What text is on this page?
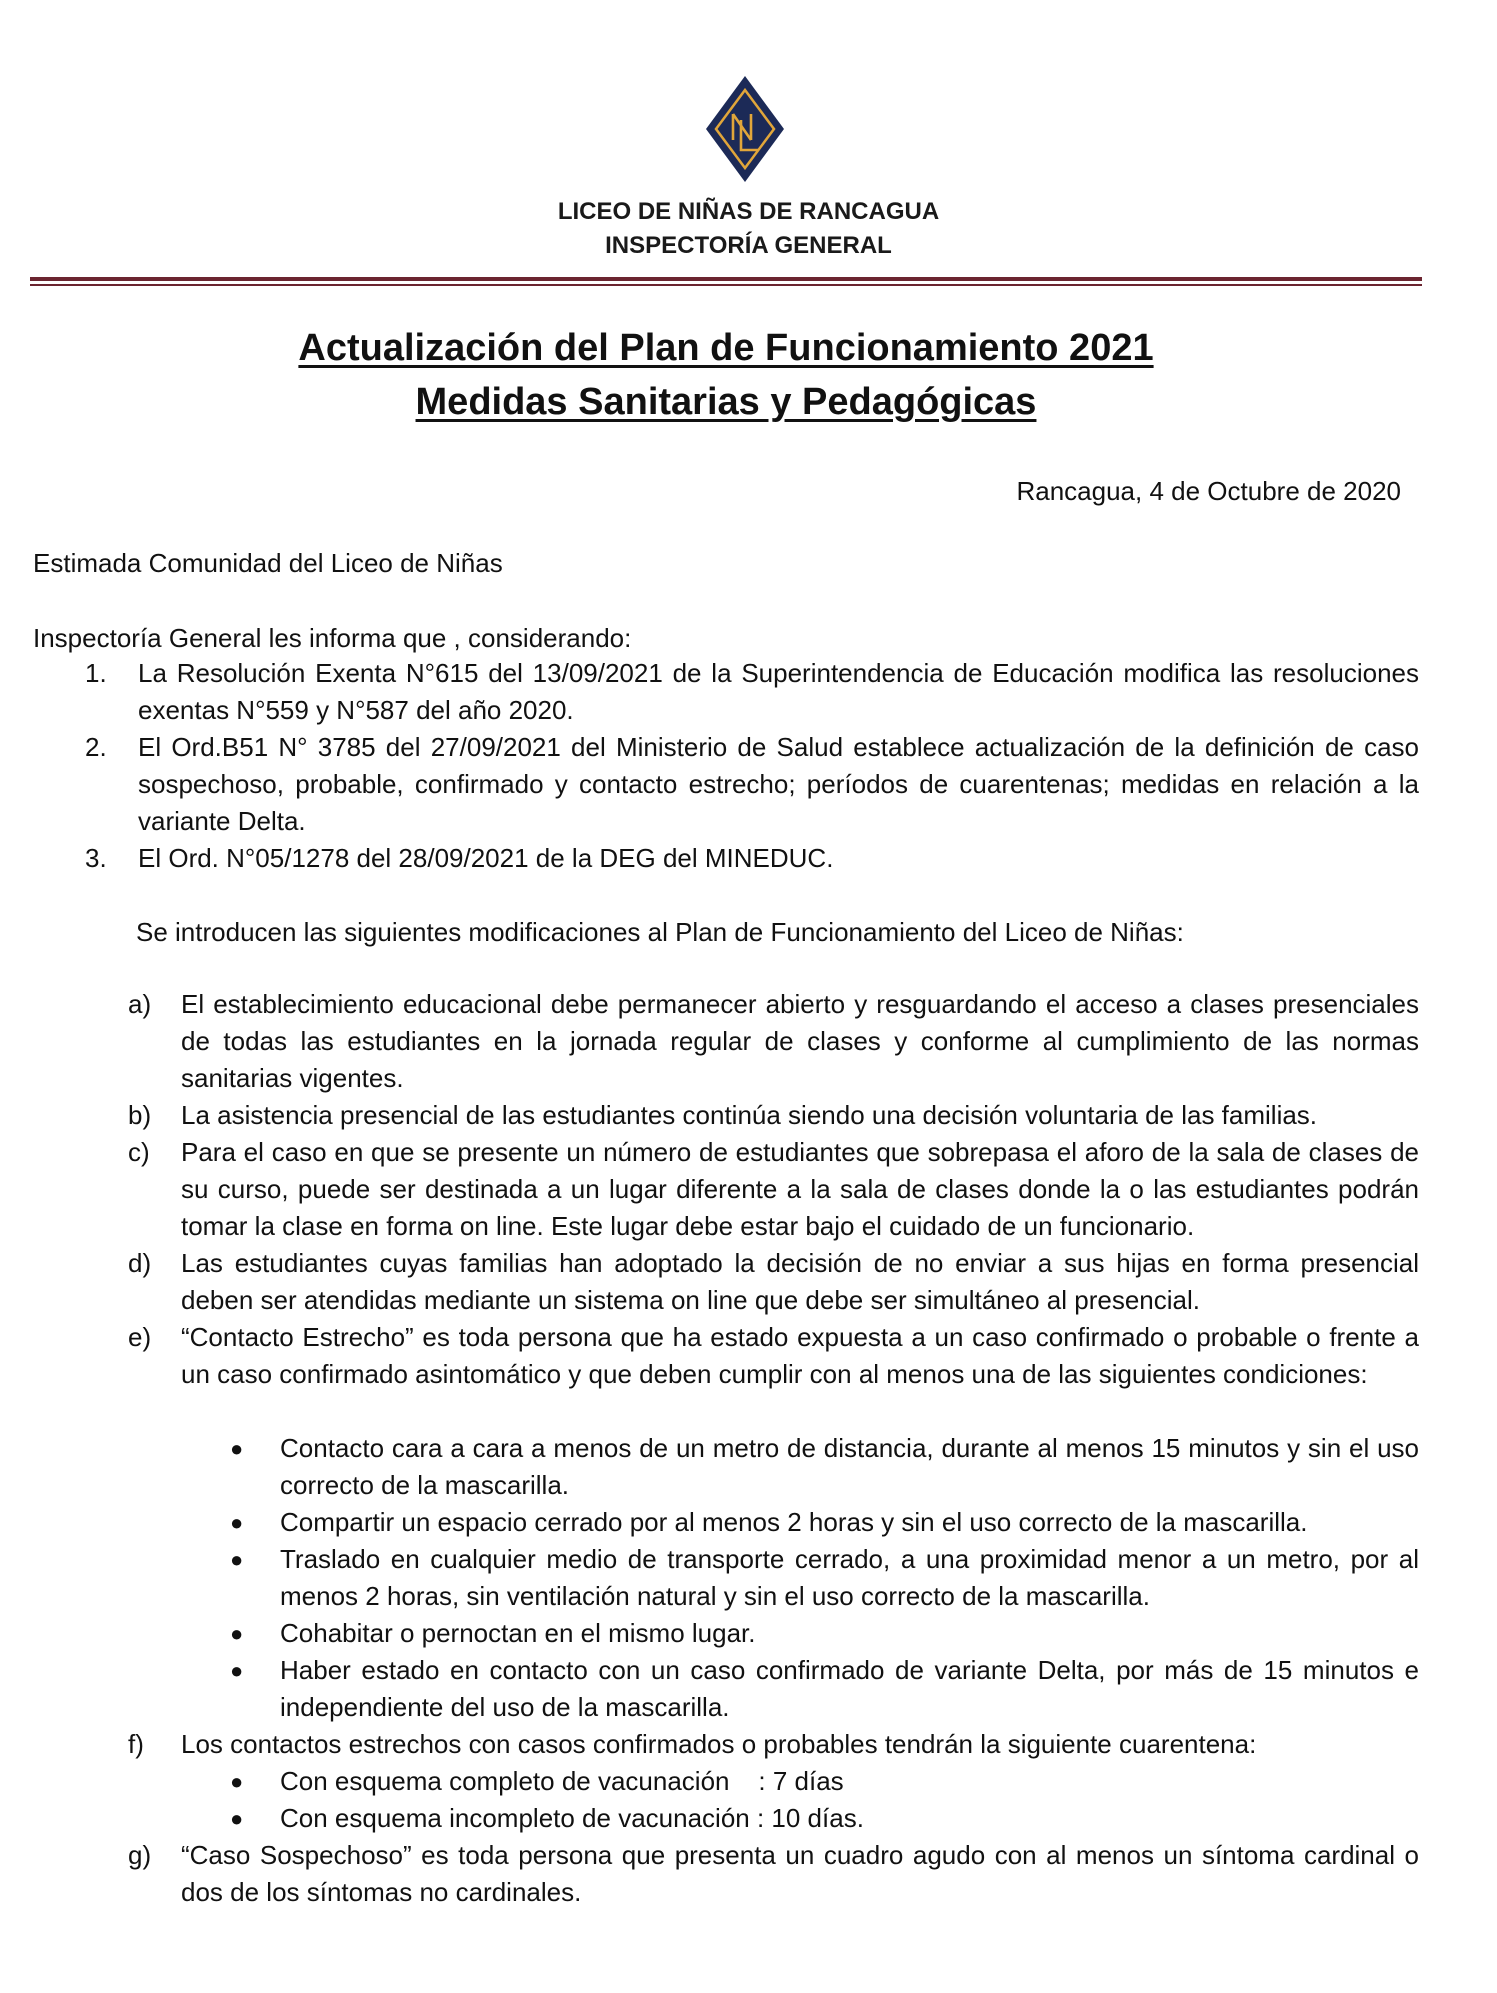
LICEO DE NIÑAS DE RANCAGUA
INSPECTORÍA GENERAL
Actualización del Plan de Funcionamiento 2021
Medidas Sanitarias y Pedagógicas
Rancagua, 4 de Octubre de 2020
Estimada Comunidad del Liceo de Niñas
Inspectoría General les informa que , considerando:
1. La Resolución Exenta N°615 del 13/09/2021 de la Superintendencia de Educación modifica las resoluciones exentas N°559 y N°587 del año 2020.
2. El Ord.B51 N° 3785 del 27/09/2021 del Ministerio de Salud establece actualización de la definición de caso sospechoso, probable, confirmado y contacto estrecho; períodos de cuarentenas; medidas en relación a la variante Delta.
3. El Ord. N°05/1278 del 28/09/2021 de la DEG del MINEDUC.
Se introducen las siguientes modificaciones al Plan de Funcionamiento del Liceo de Niñas:
a) El establecimiento educacional debe permanecer abierto y resguardando el acceso a clases presenciales de todas las estudiantes en la jornada regular de clases y conforme al cumplimiento de las normas sanitarias vigentes.
b) La asistencia presencial de las estudiantes continúa siendo una decisión voluntaria de las familias.
c) Para el caso en que se presente un número de estudiantes que sobrepasa el aforo de la sala de clases de su curso, puede ser destinada a un lugar diferente a la sala de clases donde la o las estudiantes podrán tomar la clase en forma on line. Este lugar debe estar bajo el cuidado de un funcionario.
d) Las estudiantes cuyas familias han adoptado la decisión de no enviar a sus hijas en forma presencial deben ser atendidas mediante un sistema on line que debe ser simultáneo al presencial.
e) “Contacto Estrecho” es toda persona que ha estado expuesta a un caso confirmado o probable o frente a un caso confirmado asintomático y que deben cumplir con al menos una de las siguientes condiciones:
● Contacto cara a cara a menos de un metro de distancia, durante al menos 15 minutos y sin el uso correcto de la mascarilla.
● Compartir un espacio cerrado por al menos 2 horas y sin el uso correcto de la mascarilla.
● Traslado en cualquier medio de transporte cerrado, a una proximidad menor a un metro, por al menos 2 horas, sin ventilación natural y sin el uso correcto de la mascarilla.
● Cohabitar o pernoctan en el mismo lugar.
● Haber estado en contacto con un caso confirmado de variante Delta, por más de 15 minutos e independiente del uso de la mascarilla.
f) Los contactos estrechos con casos confirmados o probables tendrán la siguiente cuarentena:
● Con esquema completo de vacunación    : 7 días
● Con esquema incompleto de vacunación : 10 días.
g) “Caso Sospechoso” es toda persona que presenta un cuadro agudo con al menos un síntoma cardinal o dos de los síntomas no cardinales.
